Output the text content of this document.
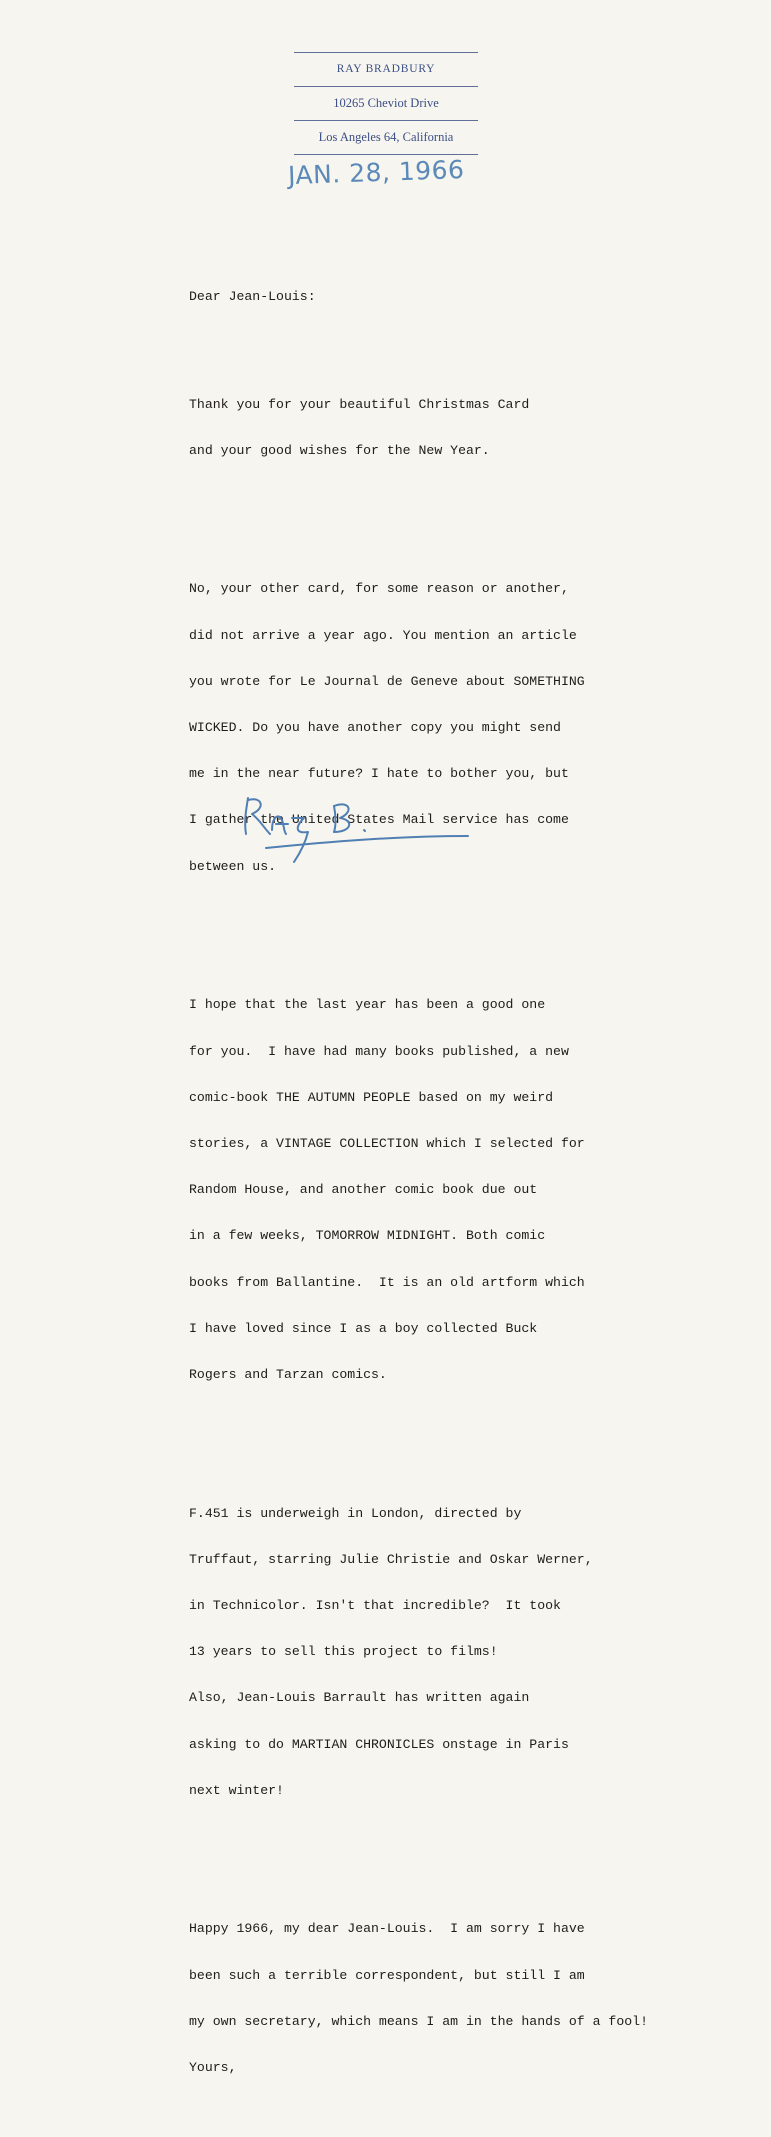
RAY BRADBURY
10265 Cheviot Drive
Los Angeles 64, California
JAN. 28, 1966

Dear Jean-Louis:

Thank you for your beautiful Christmas Card

and your good wishes for the New Year.

No, your other card, for some reason or another,

did not arrive a year ago. You mention an article

you wrote for Le Journal de Geneve about SOMETHING

WICKED. Do you have another copy you might send

me in the near future? I hate to bother you, but

I gather the United States Mail service has come

between us.

I hope that the last year has been a good one

for you.  I have had many books published, a new

comic-book THE AUTUMN PEOPLE based on my weird

stories, a VINTAGE COLLECTION which I selected for

Random House, and another comic book due out

in a few weeks, TOMORROW MIDNIGHT. Both comic

books from Ballantine.  It is an old artform which

I have loved since I as a boy collected Buck

Rogers and Tarzan comics.

F.451 is underweigh in London, directed by

Truffaut, starring Julie Christie and Oskar Werner,

in Technicolor. Isn't that incredible?  It took

13 years to sell this project to films!

Also, Jean-Louis Barrault has written again

asking to do MARTIAN CHRONICLES onstage in Paris

next winter!

Happy 1966, my dear Jean-Louis.  I am sorry I have

been such a terrible correspondent, but still I am

my own secretary, which means I am in the hands of a fool!

Yours,
